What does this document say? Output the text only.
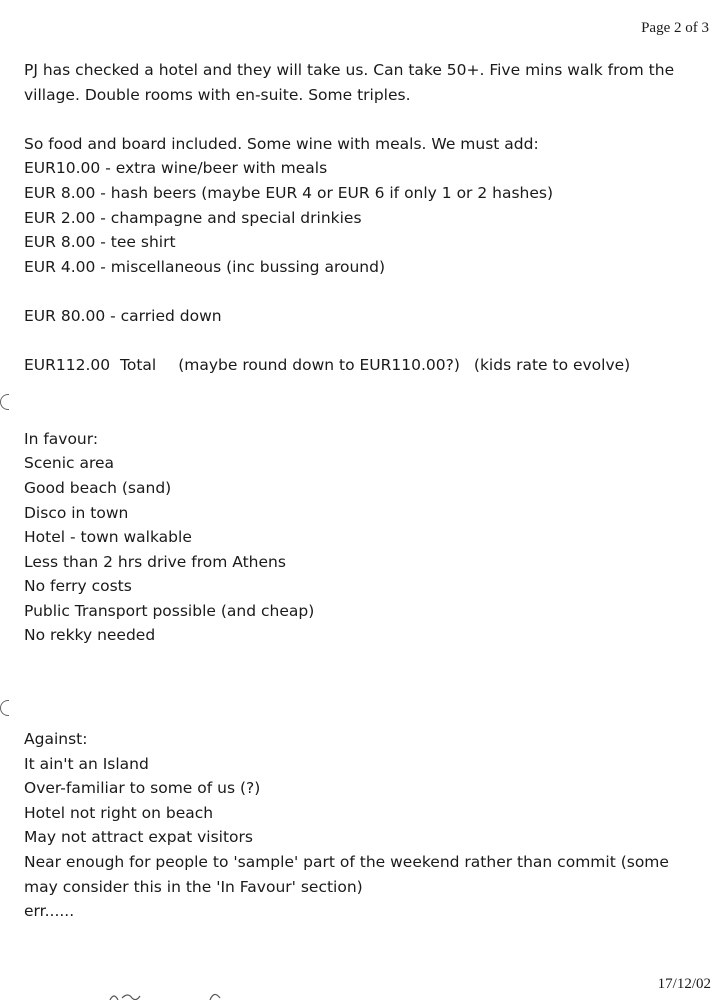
Page 2 of 3
PJ has checked a hotel and they will take us. Can take 50+. Five mins walk from the village. Double rooms with en-suite. Some triples.
So food and board included. Some wine with meals. We must add:
EUR10.00 - extra wine/beer with meals
EUR 8.00 - hash beers (maybe EUR 4 or EUR 6 if only 1 or 2 hashes)
EUR 2.00 - champagne and special drinkies
EUR 8.00 - tee shirt
EUR 4.00 - miscellaneous (inc bussing around)
EUR 80.00 - carried down
EUR112.00  Total (maybe round down to EUR110.00?) (kids rate to evolve)
In favour:
Scenic area
Good beach (sand)
Disco in town
Hotel - town walkable
Less than 2 hrs drive from Athens
No ferry costs
Public Transport possible (and cheap)
No rekky needed
Against:
It ain't an Island
Over-familiar to some of us (?)
Hotel not right on beach
May not attract expat visitors
Near enough for people to 'sample' part of the weekend rather than commit (some may consider this in the 'In Favour' section)
err......
17/12/02
